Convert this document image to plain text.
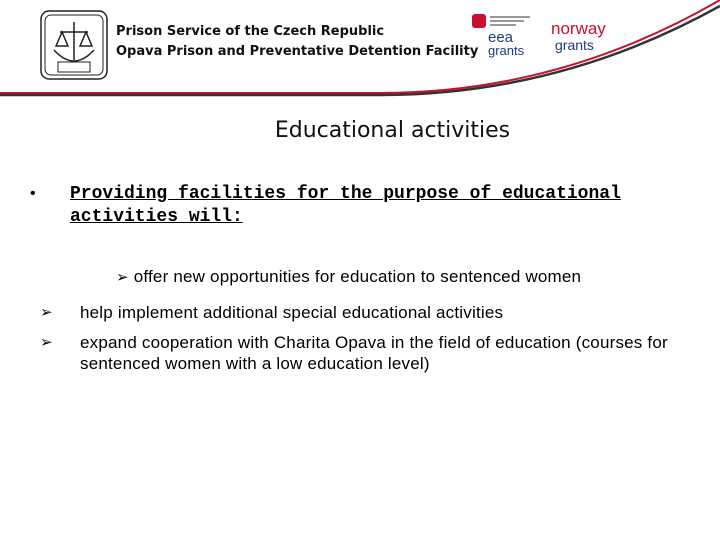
Prison Service of the Czech Republic
Opava Prison and Preventative Detention Facility
eea
grants
norway
grants
Educational activities
• Providing facilities for the purpose of educational activities will:
➢ offer new opportunities for education to sentenced women
➢ help implement additional special educational activities
➢ expand cooperation with Charita Opava in the field of education (courses for sentenced women with a low education level)
